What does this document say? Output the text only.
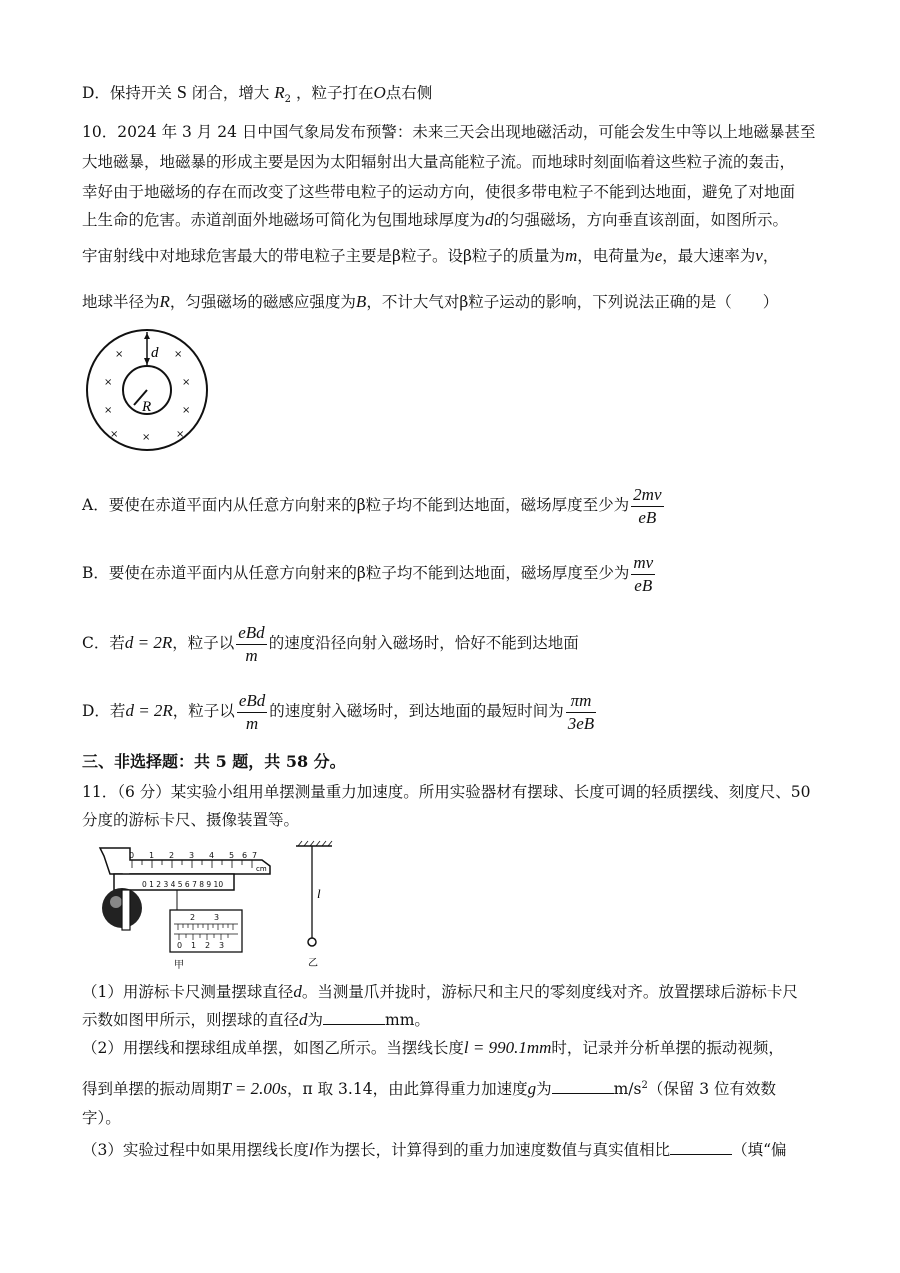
D．保持开关 S 闭合，增大 $R_2$ ，粒子打在O点右侧
10．2024 年 3 月 24 日中国气象局发布预警：未来三天会出现地磁活动，可能会发生中等以上地磁暴甚至
大地磁暴，地磁暴的形成主要是因为太阳辐射出大量高能粒子流。而地球时刻面临着这些粒子流的轰击，
幸好由于地磁场的存在而改变了这些带电粒子的运动方向，使很多带电粒子不能到达地面，避免了对地面
上生命的危害。赤道剖面外地磁场可简化为包围地球厚度为d的匀强磁场，方向垂直该剖面，如图所示。
宇宙射线中对地球危害最大的带电粒子主要是β粒子。设β粒子的质量为m，电荷量为e，最大速率为v，
地球半径为R，匀强磁场的磁感应强度为B，不计大气对β粒子运动的影响，下列说法正确的是（　　）
d
R
×	×
×	×
×	×
× ×	×
A．要使在赤道平面内从任意方向射来的β粒子均不能到达地面，磁场厚度至少为 $\frac{2mv}{eB}$
B．要使在赤道平面内从任意方向射来的β粒子均不能到达地面，磁场厚度至少为 $\frac{mv}{eB}$
C．若d = 2R，粒子以 $\frac{\text{eBd}}{m}$ 的速度沿径向射入磁场时，恰好不能到达地面
D．若d = 2R，粒子以 $\frac{\text{eBd}}{m}$ 的速度射入磁场时，到达地面的最短时间为 $\frac{\pi m}{3eB}$
三、非选择题：共 5 题，共 58 分。
11．（6 分）某实验小组用单摆测量重力加速度。所用实验器材有摆球、长度可调的轻质摆线、刻度尺、50
分度的游标卡尺、摄像装置等。
0 1 2 3 4 5 6 7
cm
0 1 2 3 4 5 6 7 8 9 10
2 3
0 1 2 3
甲
l
乙
（1）用游标卡尺测量摆球直径d。当测量爪并拢时，游标尺和主尺的零刻度线对齐。放置摆球后游标卡尺
示数如图甲所示，则摆球的直径d为	mm。
（2）用摆线和摆球组成单摆，如图乙所示。当摆线长度l = 990.1mm时，记录并分析单摆的振动视频，
得到单摆的振动周期T = 2.00s，π 取 3.14，由此算得重力加速度g为	$m/s^2$（保留 3 位有效数
字）。
（3）实验过程中如果用摆线长度l作为摆长，计算得到的重力加速度数值与真实值相比	（填“偏
